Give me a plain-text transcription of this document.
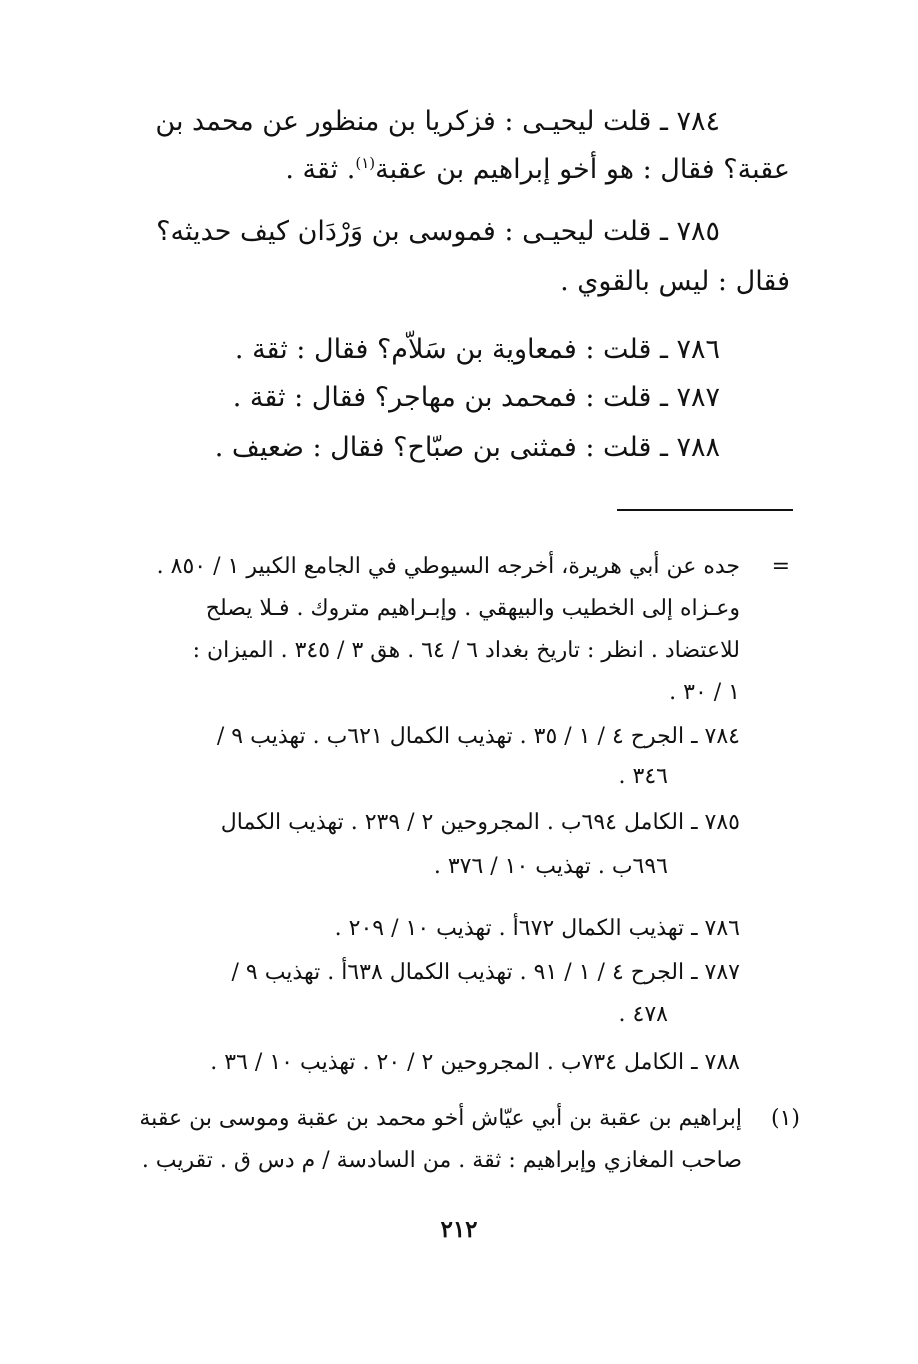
٧٨٤ ـ قلت ليحيـى : فزكريا بن منظور عن محمد بن
عقبة؟ فقال : هو أخو إبراهيم بن عقبة$^{(١)}$. ثقة .
٧٨٥ ـ قلت ليحيـى : فموسى بن وَرْدَان كيف حديثه؟
فقال : ليس بالقوي .
٧٨٦ ـ قلت : فمعاوية بن سَلاّم؟ فقال : ثقة .
٧٨٧ ـ قلت : فمحمد بن مهاجر؟ فقال : ثقة .
٧٨٨ ـ قلت : فمثنى بن صبّاح؟ فقال : ضعيف .
=
جده عن أبي هريرة، أخرجه السيوطي في الجامع الكبير ١ / ٨٥٠ .
وعـزاه إلى الخطيب والبيهقي . وإبـراهيم متروك . فـلا يصلح
للاعتضاد . انظر : تاريخ بغداد ٦ / ٦٤ . هق ٣ / ٣٤٥ . الميزان :
١ / ٣٠ .
٧٨٤ ـ الجرح ٤ / ١ / ٣٥ . تهذيب الكمال ٦٢١ب . تهذيب ٩ /
٣٤٦ .
٧٨٥ ـ الكامل ٦٩٤ب . المجروحين ٢ / ٢٣٩ . تهذيب الكمال
٦٩٦ب . تهذيب ١٠ / ٣٧٦ .
٧٨٦ ـ تهذيب الكمال ٦٧٢أ . تهذيب ١٠ / ٢٠٩ .
٧٨٧ ـ الجرح ٤ / ١ / ٩١ . تهذيب الكمال ٦٣٨أ . تهذيب ٩ /
٤٧٨ .
٧٨٨ ـ الكامل ٧٣٤ب . المجروحين ٢ / ٢٠ . تهذيب ١٠ / ٣٦ .
(١)
إبراهيم بن عقبة بن أبي عيّاش أخو محمد بن عقبة وموسى بن عقبة
صاحب المغازي وإبراهيم : ثقة . من السادسة / م دس ق . تقريب .
٢١٢
